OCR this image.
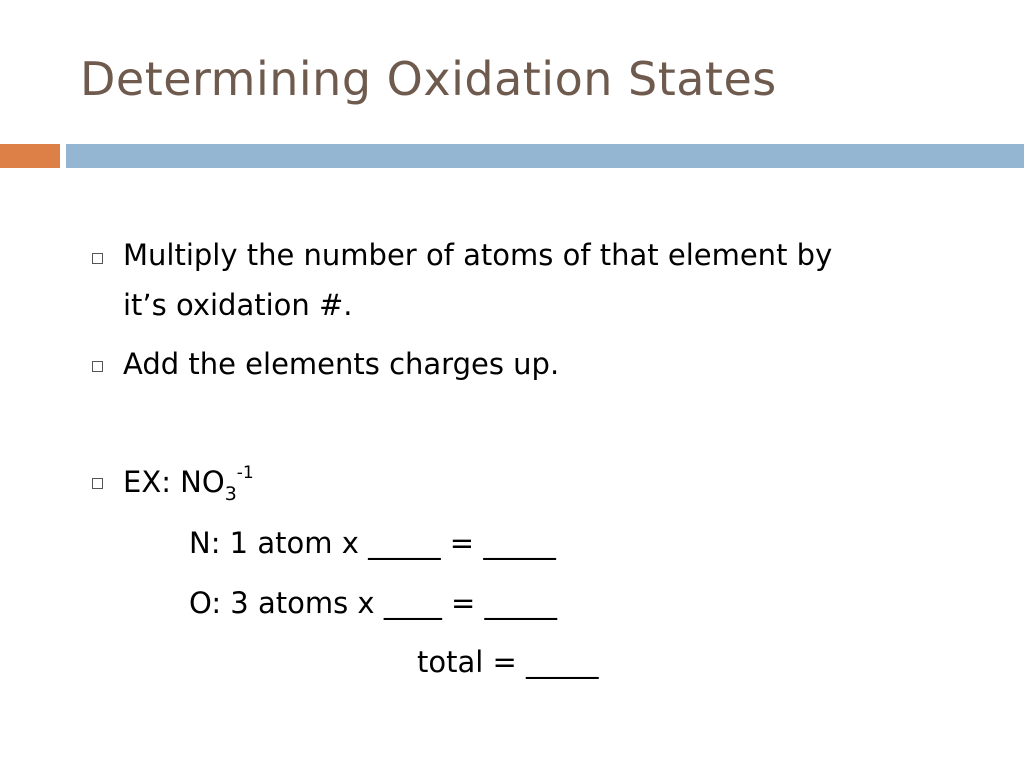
Determining Oxidation States
Multiply the number of atoms of that element by
it’s oxidation #.
Add the elements charges up.
EX: $NO_3^{-1}$
N: 1 atom x _____ = _____
O: 3 atoms x ____ = _____
total = _____
